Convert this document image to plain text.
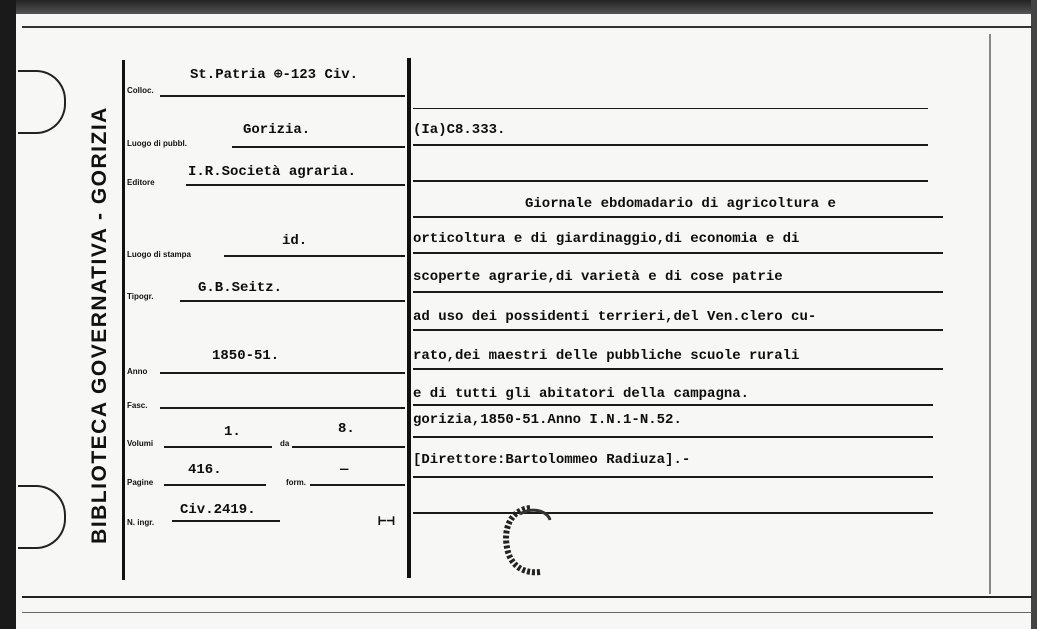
BIBLIOTECA GOVERNATIVA - GORIZIA
Colloc.
St.Patria ⊕-123 Civ.
Luogo di pubbl.
Gorizia.
Editore
I.R.Società agraria.
Luogo di stampa
id.
Tipogr.
G.B.Seitz.
Anno
1850-51.
Fasc.
Volumi
1.
da
8.
Pagine
416.
form.
—
N. ingr.
Civ.2419.
⊢⊣
(Ia)C8.333.
Giornale ebdomadario di agricoltura e
orticoltura e di giardinaggio,di economia e di
scoperte agrarie,di varietà e di cose patrie
ad uso dei possidenti terrieri,del Ven.clero cu-
rato,dei maestri delle pubbliche scuole rurali
e di tutti gli abitatori della campagna.
gorizia,1850-51.Anno I.N.1-N.52.
[Direttore:Bartolommeo Radiuza].-
